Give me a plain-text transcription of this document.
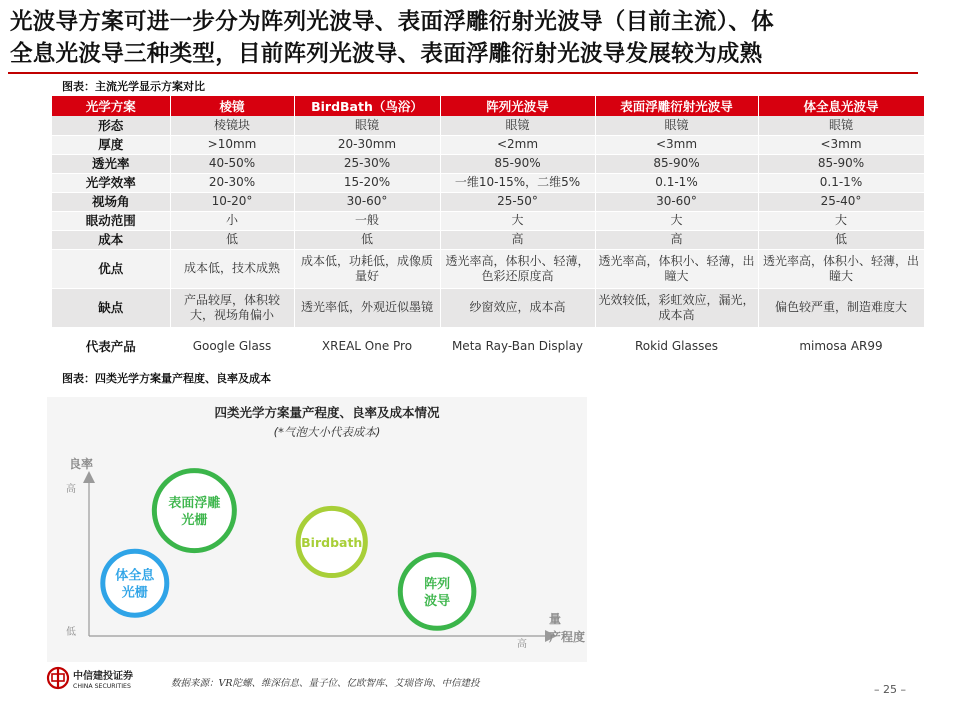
光波导方案可进一步分为阵列光波导、表面浮雕衍射光波导（目前主流）、体
全息光波导三种类型，目前阵列光波导、表面浮雕衍射光波导发展较为成熟
图表：主流光学显示方案对比
光学方案	棱镜	BirdBath（鸟浴）	阵列光波导	表面浮雕衍射光波导	体全息光波导
形态	棱镜块	眼镜	眼镜	眼镜	眼镜
厚度	>10mm	20-30mm	<2mm	<3mm	<3mm
透光率	40-50%	25-30%	85-90%	85-90%	85-90%
光学效率	20-30%	15-20%	一维10-15%，二维5%	0.1-1%	0.1-1%
视场角	10-20°	30-60°	25-50°	30-60°	25-40°
眼动范围	小	一般	大	大	大
成本	低	低	高	高	低
优点	成本低，技术成熟	成本低，功耗低，成像质量好	透光率高，体积小、轻薄，色彩还原度高	透光率高，体积小、轻薄，出瞳大	透光率高，体积小、轻薄，出瞳大
缺点	产品较厚，体积较大，视场角偏小	透光率低，外观近似墨镜	纱窗效应，成本高	光效较低，彩虹效应，漏光，成本高	偏色较严重，制造难度大
代表产品	Google Glass	XREAL One Pro	Meta Ray-Ban Display	Rokid Glasses	mimosa AR99
图表：四类光学方案量产程度、良率及成本
四类光学方案量产程度、良率及成本情况
(*气泡大小代表成本)
良率
高
低
高
量
产程度
体全息
光栅
表面浮雕
光栅
Birdbath
阵列
波导
中信建投证券
CHINA SECURITIES	数据来源：VR陀螺、维深信息、量子位、亿欧智库、艾瑞咨询、中信建投	– 25 –
